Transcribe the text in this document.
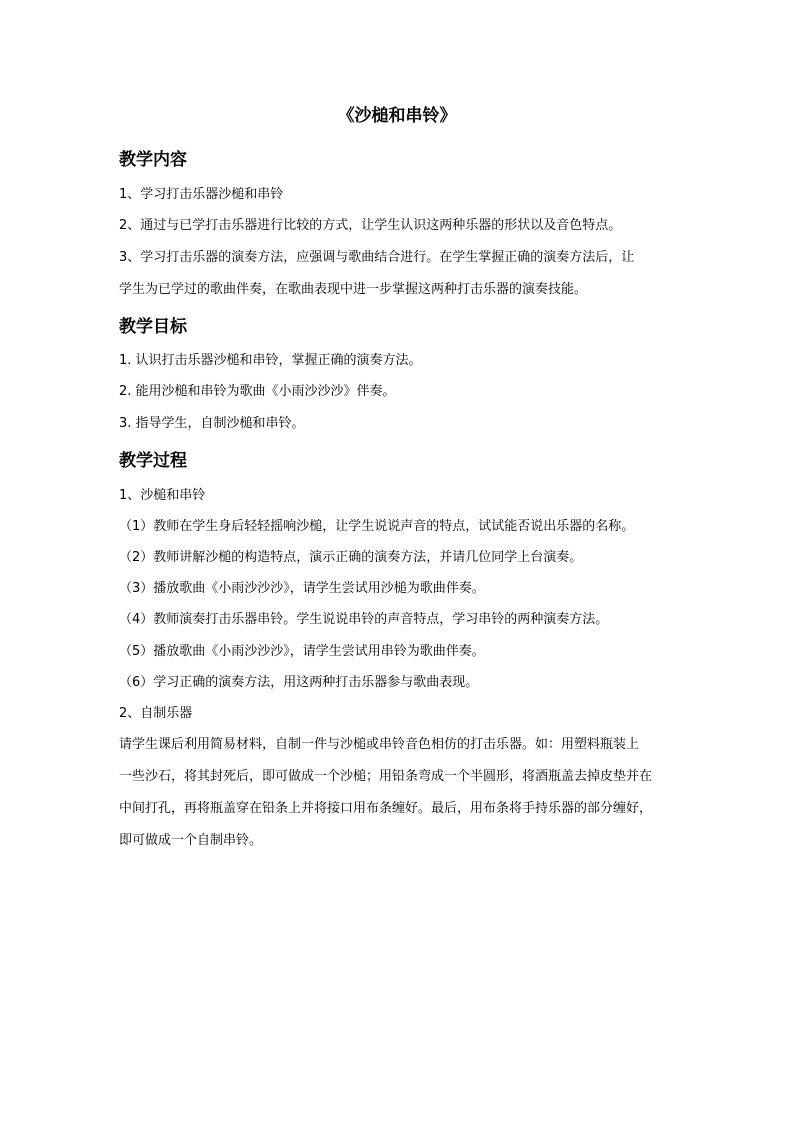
《沙槌和串铃》
教学内容
1、学习打击乐器沙槌和串铃
2、通过与已学打击乐器进行比较的方式，让学生认识这两种乐器的形状以及音色特点。
3、学习打击乐器的演奏方法，应强调与歌曲结合进行。在学生掌握正确的演奏方法后，让
学生为已学过的歌曲伴奏，在歌曲表现中进一步掌握这两种打击乐器的演奏技能。
教学目标
1. 认识打击乐器沙槌和串铃，掌握正确的演奏方法。
2. 能用沙槌和串铃为歌曲《小雨沙沙沙》伴奏。
3. 指导学生，自制沙槌和串铃。
教学过程
1、沙槌和串铃
（1）教师在学生身后轻轻摇响沙槌，让学生说说声音的特点，试试能否说出乐器的名称。
（2）教师讲解沙槌的构造特点，演示正确的演奏方法，并请几位同学上台演奏。
（3）播放歌曲《小雨沙沙沙》，请学生尝试用沙槌为歌曲伴奏。
（4）教师演奏打击乐器串铃。学生说说串铃的声音特点，学习串铃的两种演奏方法。
（5）播放歌曲《小雨沙沙沙》，请学生尝试用串铃为歌曲伴奏。
（6）学习正确的演奏方法，用这两种打击乐器参与歌曲表现。
2、自制乐器
请学生课后利用简易材料，自制一件与沙槌或串铃音色相仿的打击乐器。如：用塑料瓶装上
一些沙石，将其封死后，即可做成一个沙槌；用铅条弯成一个半圆形，将酒瓶盖去掉皮垫并在
中间打孔，再将瓶盖穿在铅条上并将接口用布条缠好。最后，用布条将手持乐器的部分缠好，
即可做成一个自制串铃。
